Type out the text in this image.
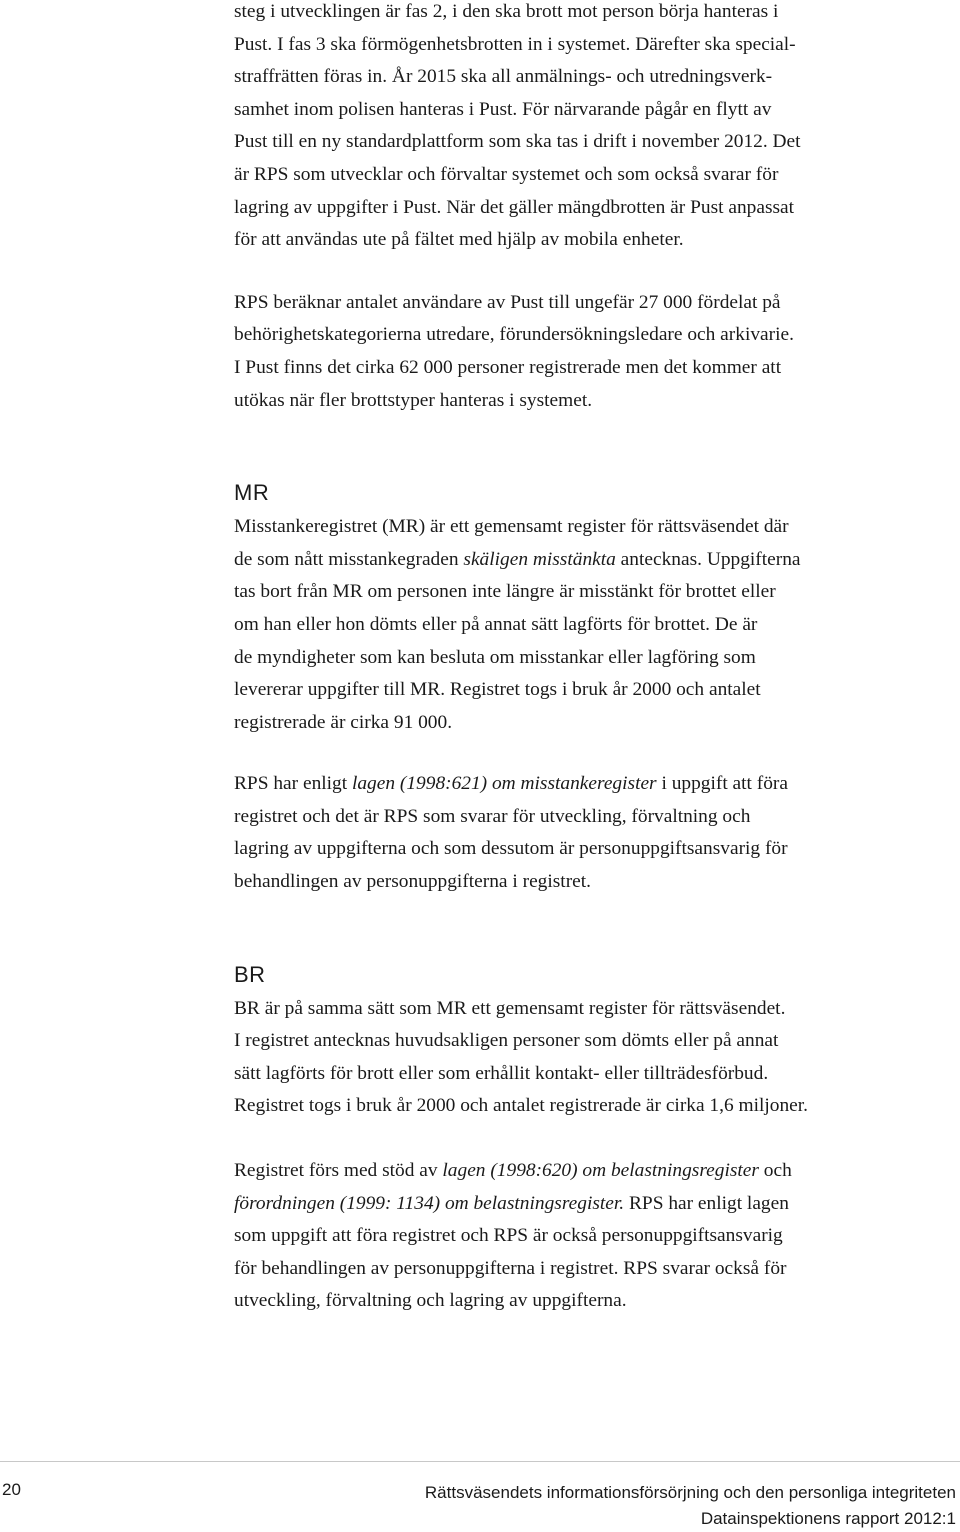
steg i utvecklingen är fas 2, i den ska brott mot person börja hanteras i
Pust. I fas 3 ska förmögenhetsbrotten in i systemet. Därefter ska special-
straffrätten föras in. År 2015 ska all anmälnings- och utredningsverk-
samhet inom polisen hanteras i Pust. För närvarande pågår en flytt av
Pust till en ny standardplattform som ska tas i drift i november 2012. Det
är RPS som utvecklar och förvaltar systemet och som också svarar för
lagring av uppgifter i Pust. När det gäller mängdbrotten är Pust anpassat
för att användas ute på fältet med hjälp av mobila enheter.
RPS beräknar antalet användare av Pust till ungefär 27 000 fördelat på
behörighetskategorierna utredare, förundersökningsledare och arkivarie.
I Pust finns det cirka 62 000 personer registrerade men det kommer att
utökas när fler brottstyper hanteras i systemet.
MR
Misstankeregistret (MR) är ett gemensamt register för rättsväsendet där
de som nått misstankegraden skäligen misstänkta antecknas. Uppgifterna
tas bort från MR om personen inte längre är misstänkt för brottet eller
om han eller hon dömts eller på annat sätt lagförts för brottet. De är
de myndigheter som kan besluta om misstankar eller lagföring som
levererar uppgifter till MR. Registret togs i bruk år 2000 och antalet
registrerade är cirka 91 000.
RPS har enligt lagen (1998:621) om misstankeregister i uppgift att föra
registret och det är RPS som svarar för utveckling, förvaltning och
lagring av uppgifterna och som dessutom är personuppgiftsansvarig för
behandlingen av personuppgifterna i registret.
BR
BR är på samma sätt som MR ett gemensamt register för rättsväsendet.
I registret antecknas huvudsakligen personer som dömts eller på annat
sätt lagförts för brott eller som erhållit kontakt- eller tillträdesförbud.
Registret togs i bruk år 2000 och antalet registrerade är cirka 1,6 miljoner.
Registret förs med stöd av lagen (1998:620) om belastningsregister och
förordningen (1999: 1134) om belastningsregister. RPS har enligt lagen
som uppgift att föra registret och RPS är också personuppgiftsansvarig
för behandlingen av personuppgifterna i registret. RPS svarar också för
utveckling, förvaltning och lagring av uppgifterna.
20	Rättsväsendets informationsförsörjning och den personliga integriteten
Datainspektionens rapport 2012:1
